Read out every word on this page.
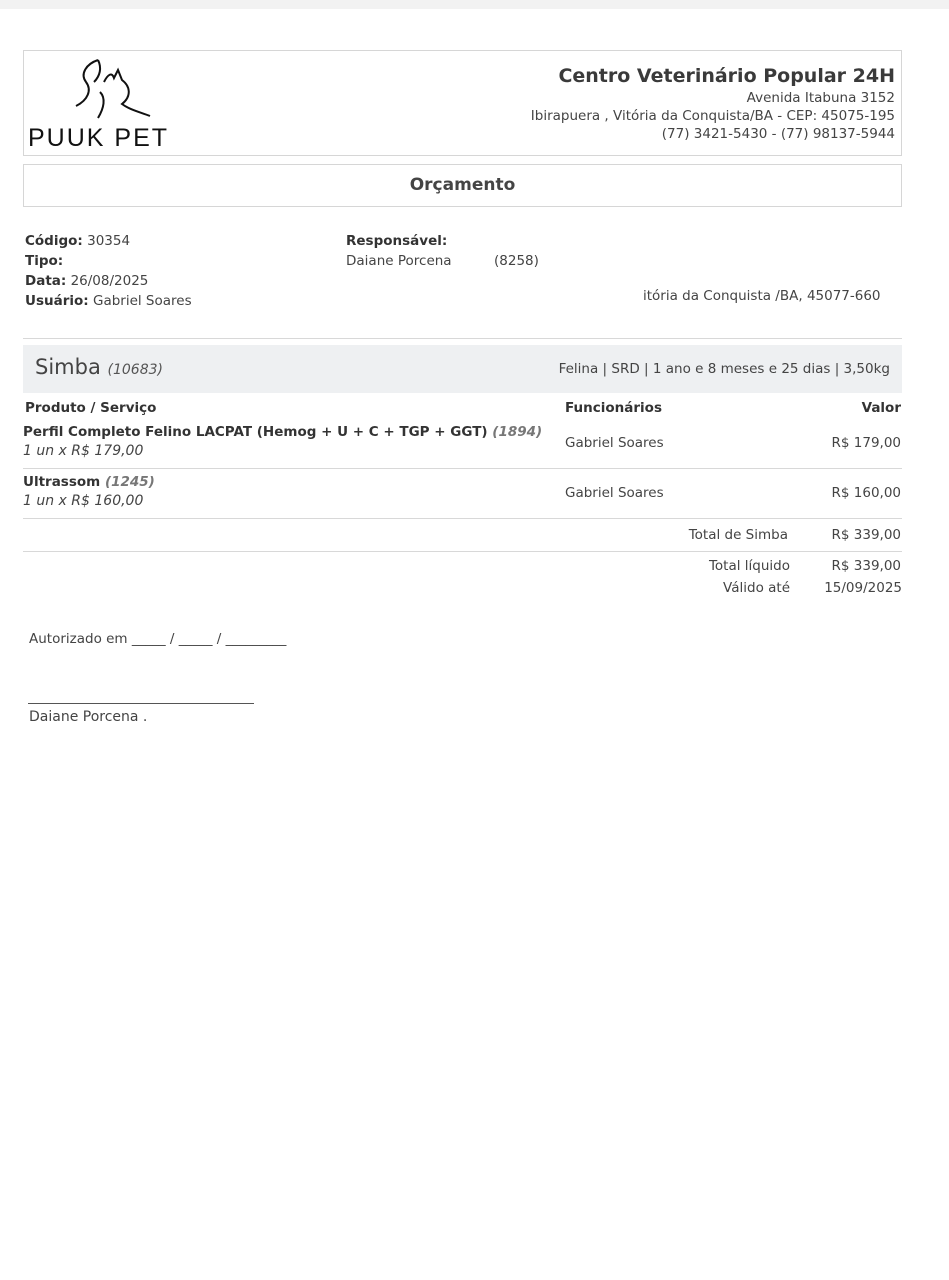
PUUK PET
Centro Veterinário Popular 24H
Avenida Itabuna 3152
Ibirapuera , Vitória da Conquista/BA - CEP: 45075-195
(77) 3421-5430 - (77) 98137-5944
Orçamento
Código: 30354
Tipo:
Data: 26/08/2025
Usuário: Gabriel Soares
Responsável:
Daiane Porcena	(8258)
itória da Conquista /BA, 45077-660
Simba (10683)	Felina | SRD | 1 ano e 8 meses e 25 dias | 3,50kg
Produto / Serviço	Funcionários	Valor
Perfil Completo Felino LACPAT (Hemog + U + C + TGP + GGT) (1894)
1 un x R$ 179,00	Gabriel Soares	R$ 179,00
Ultrassom (1245)
1 un x R$ 160,00	Gabriel Soares	R$ 160,00
Total de Simba	R$ 339,00
Total líquido	R$ 339,00
Válido até	15/09/2025
Autorizado em _____ / _____ / _________
Daiane Porcena .
